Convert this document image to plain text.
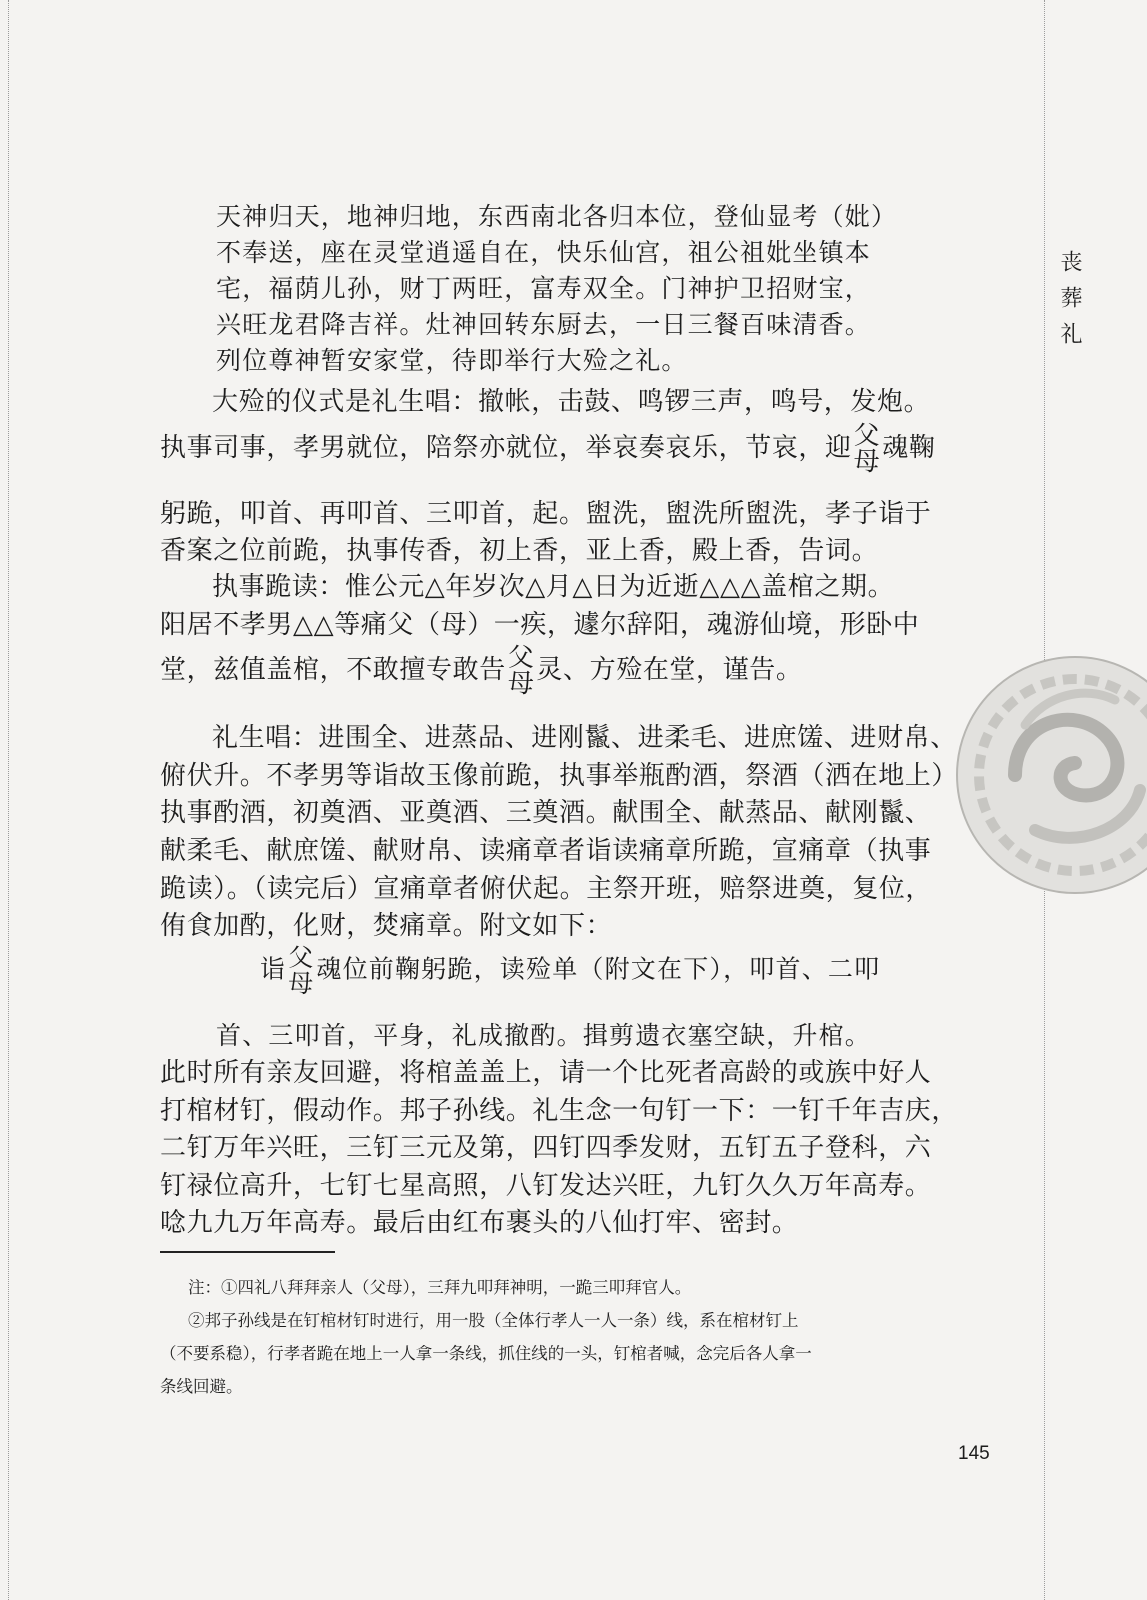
丧葬礼
天神归天，地神归地，东西南北各归本位，登仙显考（妣）
不奉送，座在灵堂逍遥自在，快乐仙宫，祖公祖妣坐镇本
宅，福荫儿孙，财丁两旺，富寿双全。门神护卫招财宝，
兴旺龙君降吉祥。灶神回转东厨去，一日三餐百味清香。
列位尊神暂安家堂，待即举行大殓之礼。
大殓的仪式是礼生唱：撤帐，击鼓、鸣锣三声，鸣号，发炮。
执事司事，孝男就位，陪祭亦就位，举哀奏哀乐，节哀，迎 父
母 魂鞠
躬跪，叩首、再叩首、三叩首，起。盥洗，盥洗所盥洗，孝子诣于
香案之位前跪，执事传香，初上香，亚上香，殿上香，告词。
执事跪读：惟公元△年岁次△月△日为近逝△△△盖棺之期。
阳居不孝男△△等痛父（母）一疾，遽尔辞阳，魂游仙境，形卧中
堂，兹值盖棺，不敢擅专敢告 父
母 灵、方殓在堂，谨告。
礼生唱：进围全、进蒸品、进刚鬣、进柔毛、进庶馐、进财帛、
俯伏升。不孝男等诣故玉像前跪，执事举瓶酌酒，祭酒（洒在地上）
执事酌酒，初奠酒、亚奠酒、三奠酒。献围全、献蒸品、献刚鬣、
献柔毛、献庶馐、献财帛、读痛章者诣读痛章所跪，宣痛章（执事
跪读）。（读完后）宣痛章者俯伏起。主祭开班，赔祭进奠，复位，
侑食加酌，化财，焚痛章。附文如下：
诣 父
母 魂位前鞠躬跪，读殓单（附文在下），叩首、二叩
首、三叩首，平身，礼成撤酌。揖剪遗衣塞空缺，升棺。
此时所有亲友回避，将棺盖盖上，请一个比死者高龄的或族中好人
打棺材钉，假动作。邦子孙线。礼生念一句钉一下：一钉千年吉庆，
二钉万年兴旺，三钉三元及第，四钉四季发财，五钉五子登科，六
钉禄位高升，七钉七星高照，八钉发达兴旺，九钉久久万年高寿。
唸九九万年高寿。最后由红布裹头的八仙打牢、密封。
注：①四礼八拜拜亲人（父母），三拜九叩拜神明，一跪三叩拜官人。
②邦子孙线是在钉棺材钉时进行，用一股（全体行孝人一人一条）线，系在棺材钉上
（不要系稳），行孝者跪在地上一人拿一条线，抓住线的一头，钉棺者喊，念完后各人拿一
条线回避。
145
